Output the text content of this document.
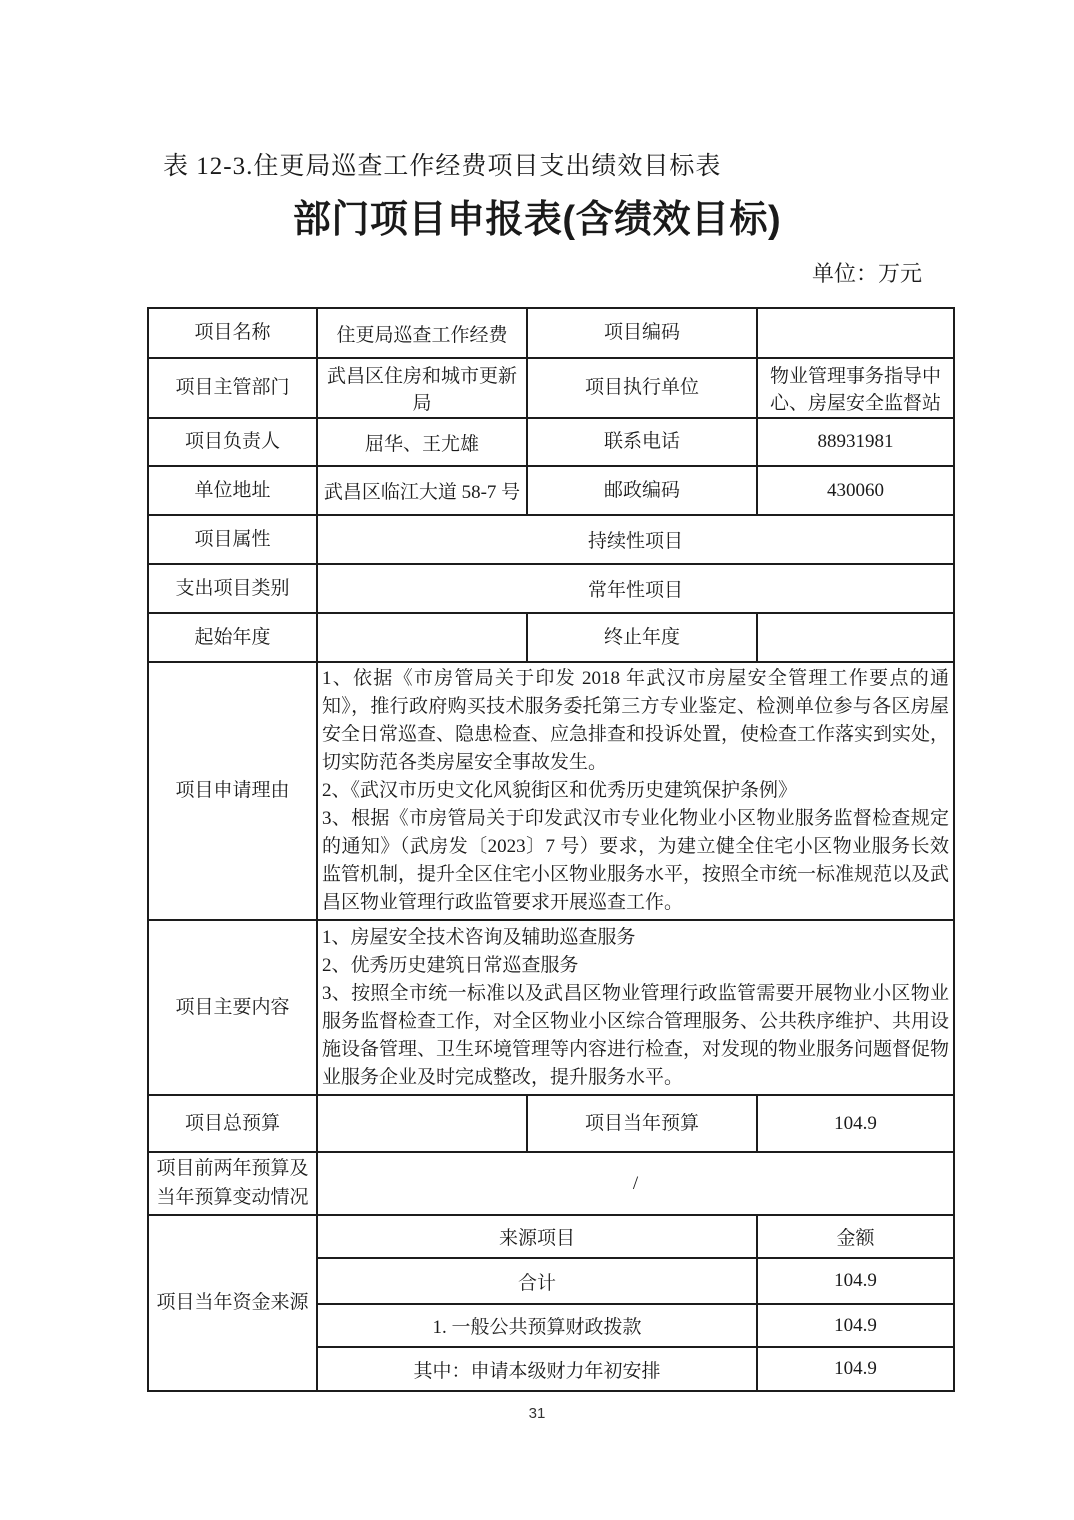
表 12-3.住更局巡查工作经费项目支出绩效目标表
部门项目申报表(含绩效目标)
单位：万元
项目名称	住更局巡查工作经费	项目编码	
项目主管部门	武昌区住房和城市更新局	项目执行单位	物业管理事务指导中心、房屋安全监督站
项目负责人	屈华、王尤雄	联系电话	88931981
单位地址	武昌区临江大道 58-7 号	邮政编码	430060
项目属性	持续性项目		
支出项目类别	常年性项目		
起始年度		终止年度	
项目申请理由	1、依据《市房管局关于印发 2018 年武汉市房屋安全管理工作要点的通知》，推行政府购买技术服务委托第三方专业鉴定、检测单位参与各区房屋安全日常巡查、隐患检查、应急排查和投诉处置，使检查工作落实到实处，切实防范各类房屋安全事故发生。

2、《武汉市历史文化风貌街区和优秀历史建筑保护条例》

3、根据《市房管局关于印发武汉市专业化物业小区物业服务监督检查规定的通知》（武房发〔2023〕7 号）要求，为建立健全住宅小区物业服务长效监管机制，提升全区住宅小区物业服务水平，按照全市统一标准规范以及武昌区物业管理行政监管要求开展巡查工作。		

项目主要内容	1、房屋安全技术咨询及辅助巡查服务

2、优秀历史建筑日常巡查服务

3、按照全市统一标准以及武昌区物业管理行政监管需要开展物业小区物业服务监督检查工作，对全区物业小区综合管理服务、公共秩序维护、共用设施设备管理、卫生环境管理等内容进行检查，对发现的物业服务问题督促物业服务企业及时完成整改，提升服务水平。		

项目总预算		项目当年预算	104.9
项目前两年预算及当年预算变动情况	/		
项目当年资金来源	来源项目		金额
	合计		104.9
	1. 一般公共预算财政拨款		104.9
	其中：申请本级财力年初安排		104.9
31
